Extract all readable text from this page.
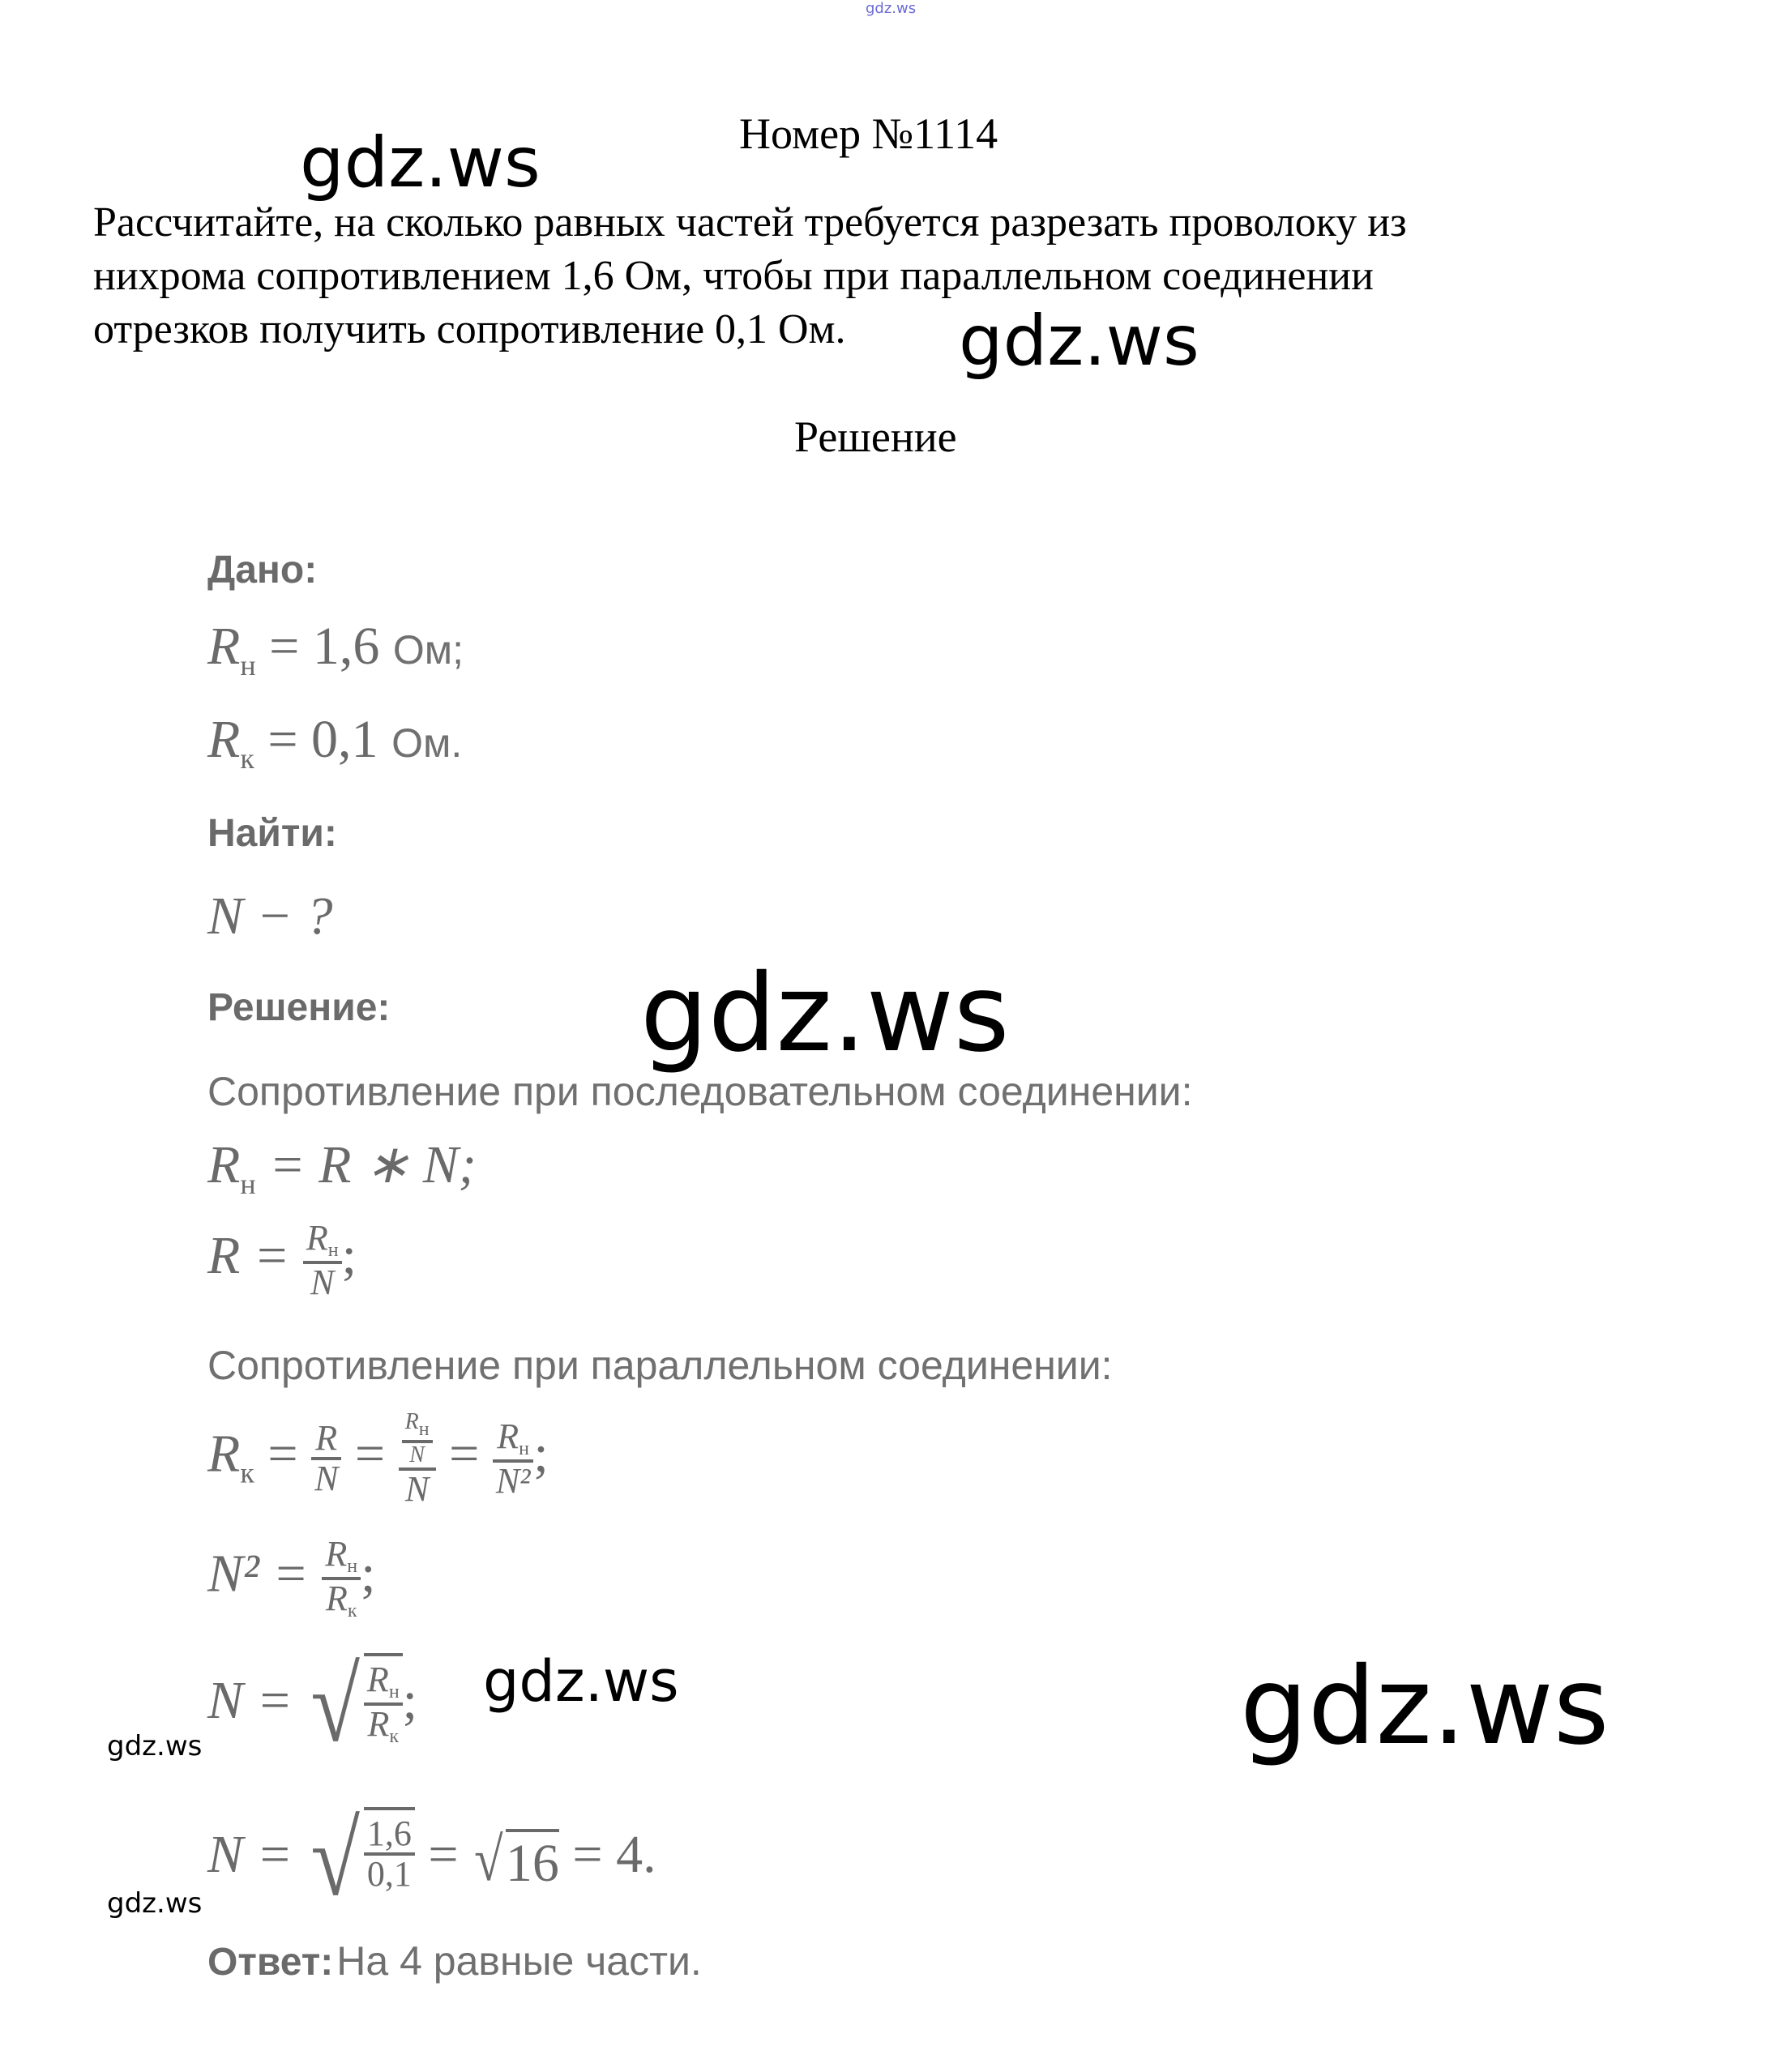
gdz.ws
Номер №1114
gdz.ws
Рассчитайте, на сколько равных частей требуется разрезать проволоку из
нихрома сопротивлением 1,6 Ом, чтобы при параллельном соединении
отрезков получить сопротивление 0,1 Ом.	gdz.ws
Решение
Дано:
$R_н = 1,6$ Ом;
$R_к = 0,1$ Ом.
Найти:
N − ?
Решение: gdz.ws
Сопротивление при последовательном соединении:
$R_н = R$ ∗ N;
$R = \frac{R_н}{N}$ ;
Сопротивление при параллельном соединении:
$R_к = \frac{R}{N} = \frac{\frac{R_н}{N}}{N} = \frac{R_н}{\text{N²}}$ ;
$N^2 = \frac{R_н}{R_к}$ ;
N = √ $\frac{R_н}{R_к}$ ; gdz.ws	gdz.ws
gdz.ws
N = √ $\frac{1,6}{0,1}$ = √ 16 = 4.
gdz.ws
Ответ: На 4 равные части.
